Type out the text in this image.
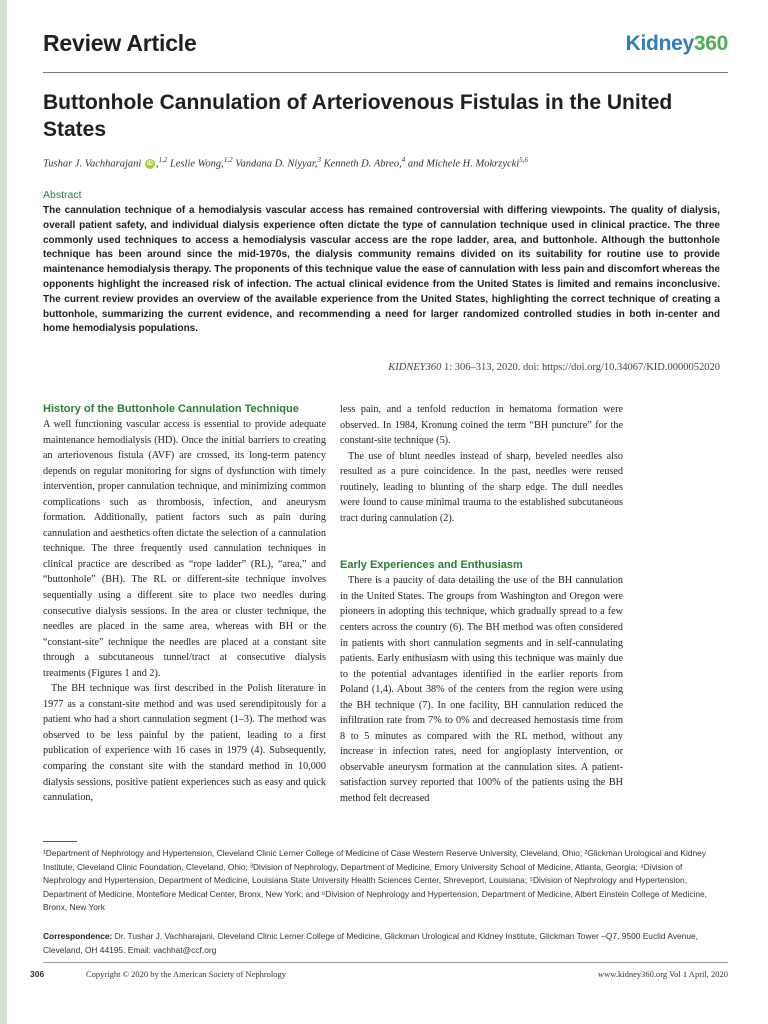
Review Article	Kidney360
Buttonhole Cannulation of Arteriovenous Fistulas in the United States
Tushar J. Vachharajani iD ,$^{1,2}$ Leslie Wong,$^{1,2}$ Vandana D. Niyyar,$^3$ Kenneth D. Abreo,$^4$ and Michele H. Mokrzycki$^{5,6}$
Abstract

The cannulation technique of a hemodialysis vascular access has remained controversial with differing viewpoints. The quality of dialysis, overall patient safety, and individual dialysis experience often dictate the type of cannulation technique used in clinical practice. The three commonly used techniques to access a hemodialysis vascular access are the rope ladder, area, and buttonhole. Although the buttonhole technique has been around since the mid-1970s, the dialysis community remains divided on its suitability for routine use to provide maintenance hemodialysis therapy. The proponents of this technique value the ease of cannulation with less pain and discomfort whereas the opponents highlight the increased risk of infection. The actual clinical evidence from the United States is limited and remains inconclusive. The current review provides an overview of the available experience from the United States, highlighting the correct technique of creating a buttonhole, summarizing the current evidence, and recommending a need for larger randomized controlled studies in both in-center and home hemodialysis populations.

KIDNEY360 1: 306–313, 2020. doi: https://doi.org/10.34067/KID.0000052020
History of the Buttonhole Cannulation Technique

A well functioning vascular access is essential to provide adequate maintenance hemodialysis (HD). Once the initial barriers to creating an arteriovenous fistula (AVF) are crossed, its long-term patency depends on regular monitoring for signs of dysfunction with timely intervention, proper cannulation technique, and minimizing common complications such as thrombosis, infection, and aneurysm formation. Additionally, patient factors such as pain during cannulation and aesthetics often dictate the selection of a cannulation technique. The three frequently used cannulation techniques in clinical practice are described as “rope ladder” (RL), “area,” and “buttonhole” (BH). The RL or different-site technique involves sequentially using a different site to place two needles during consecutive dialysis sessions. In the area or cluster technique, the needles are placed in the same area, whereas with BH or the “constant-site” technique the needles are placed at a constant site through a subcutaneous tunnel/tract at consecutive dialysis treatments (Figures 1 and 2).

The BH technique was first described in the Polish literature in 1977 as a constant-site method and was used serendipitously for a patient who had a short cannulation segment (1–3). The method was observed to be less painful by the patient, leading to a first publication of experience with 16 cases in 1979 (4). Subsequently, comparing the constant site with the standard method in 10,000 dialysis sessions, positive patient experiences such as easy and quick cannulation,

less pain, and a tenfold reduction in hematoma formation were observed. In 1984, Kronung coined the term “BH puncture” for the constant-site technique (5).

The use of blunt needles instead of sharp, beveled needles also resulted as a pure coincidence. In the past, needles were reused routinely, leading to blunting of the sharp edge. The dull needles were found to cause minimal trauma to the established subcutaneous tract during cannulation (2).

Early Experiences and Enthusiasm

There is a paucity of data detailing the use of the BH cannulation in the United States. The groups from Washington and Oregon were pioneers in adopting this technique, which gradually spread to a few centers across the country (6). The BH method was often considered in patients with short cannulation segments and in self-cannulating patients. Early enthusiasm with using this technique was mainly due to the potential advantages identified in the earlier reports from Poland (1,4). About 38% of the centers from the region were using the BH technique (7). In one facility, BH cannulation reduced the infiltration rate from 7% to 0% and decreased hemostasis time from 8 to 5 minutes as compared with the RL method, without any increase in infection rates, need for angioplasty intervention, or observable aneurysm formation at the cannulation sites. A patient-satisfaction survey reported that 100% of the patients using the BH method felt decreased

¹Department of Nephrology and Hypertension, Cleveland Clinic Lerner College of Medicine of Case Western Reserve University, Cleveland, Ohio; ²Glickman Urological and Kidney Institute, Cleveland Clinic Foundation, Cleveland, Ohio; ³Division of Nephrology, Department of Medicine, Emory University School of Medicine, Atlanta, Georgia; ⁴Division of Nephrology and Hypertension, Department of Medicine, Louisiana State University Health Sciences Center, Shreveport, Louisiana; ⁵Division of Nephrology and Hypertension, Department of Medicine, Montefiore Medical Center, Bronx, New York; and ⁶Division of Nephrology and Hypertension, Department of Medicine, Albert Einstein College of Medicine, Bronx, New York

Correspondence: Dr. Tushar J. Vachharajani, Cleveland Clinic Lerner College of Medicine, Glickman Urological and Kidney Institute, Glickman Tower –Q7, 9500 Euclid Avenue, Cleveland, OH 44195. Email: vachhat@ccf.org

306	Copyright © 2020 by the American Society of Nephrology	www.kidney360.org Vol 1 April, 2020
